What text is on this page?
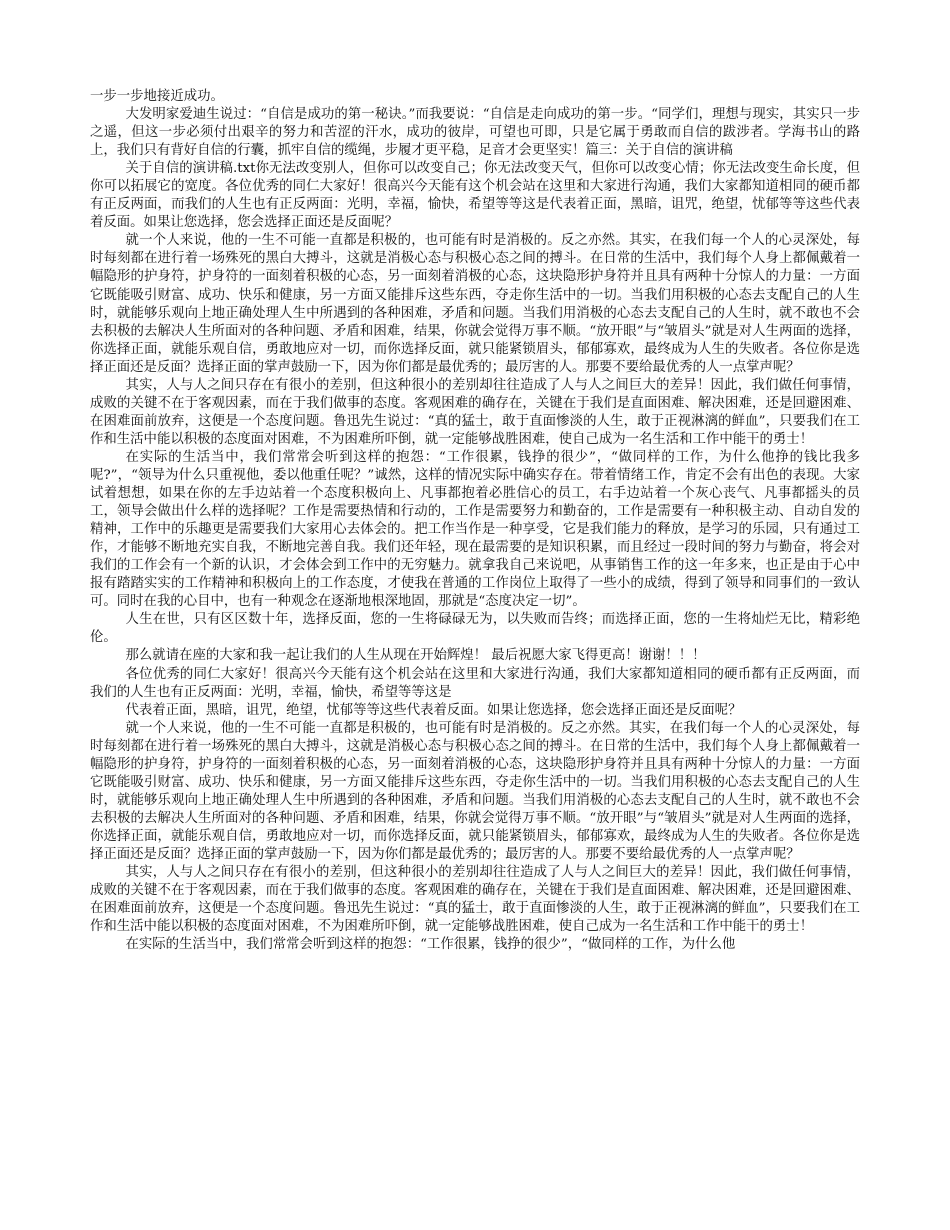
一步一步地接近成功。

大发明家爱迪生说过：“自信是成功的第一秘诀。”而我要说：“自信是走向成功的第一步。“同学们，理想与现实，其实只一步之遥，但这一步必须付出艰辛的努力和苦涩的汗水，成功的彼岸，可望也可即，只是它属于勇敢而自信的跋涉者。学海书山的路上，我们只有背好自信的行囊，抓牢自信的缆绳，步履才更平稳，足音才会更坚实！篇三：关于自信的演讲稿

关于自信的演讲稿.txt你无法改变别人，但你可以改变自己；你无法改变天气，但你可以改变心情；你无法改变生命长度，但你可以拓展它的宽度。各位优秀的同仁大家好！很高兴今天能有这个机会站在这里和大家进行沟通，我们大家都知道相同的硬币都有正反两面，而我们的人生也有正反两面：光明，幸福，愉快，希望等等这是代表着正面，黑暗，诅咒，绝望，忧郁等等这些代表着反面。如果让您选择，您会选择正面还是反面呢？

就一个人来说，他的一生不可能一直都是积极的，也可能有时是消极的。反之亦然。其实，在我们每一个人的心灵深处，每时每刻都在进行着一场殊死的黑白大搏斗，这就是消极心态与积极心态之间的搏斗。在日常的生活中，我们每个人身上都佩戴着一幅隐形的护身符，护身符的一面刻着积极的心态，另一面刻着消极的心态，这块隐形护身符并且具有两种十分惊人的力量：一方面它既能吸引财富、成功、快乐和健康，另一方面又能排斥这些东西，夺走你生活中的一切。当我们用积极的心态去支配自己的人生时，就能够乐观向上地正确处理人生中所遇到的各种困难，矛盾和问题。当我们用消极的心态去支配自己的人生时，就不敢也不会去积极的去解决人生所面对的各种问题、矛盾和困难，结果，你就会觉得万事不顺。“放开眼”与“皱眉头”就是对人生两面的选择，你选择正面，就能乐观自信，勇敢地应对一切，而你选择反面，就只能紧锁眉头，郁郁寡欢，最终成为人生的失败者。各位你是选择正面还是反面？选择正面的掌声鼓励一下，因为你们都是最优秀的；最厉害的人。那要不要给最优秀的人一点掌声呢？

其实，人与人之间只存在有很小的差别，但这种很小的差别却往往造成了人与人之间巨大的差异！因此，我们做任何事情，成败的关键不在于客观因素，而在于我们做事的态度。客观困难的确存在，关键在于我们是直面困难、解决困难，还是回避困难、在困难面前放弃，这便是一个态度问题。鲁迅先生说过：“真的猛士，敢于直面惨淡的人生，敢于正视淋漓的鲜血”，只要我们在工作和生活中能以积极的态度面对困难，不为困难所吓倒，就一定能够战胜困难，使自己成为一名生活和工作中能干的勇士！

在实际的生活当中，我们常常会听到这样的抱怨：“工作很累，钱挣的很少”，“做同样的工作，为什么他挣的钱比我多呢?”，“领导为什么只重视他，委以他重任呢？”诚然，这样的情况实际中确实存在。带着情绪工作，肯定不会有出色的表现。大家试着想想，如果在你的左手边站着一个态度积极向上、凡事都抱着必胜信心的员工，右手边站着一个灰心丧气、凡事都摇头的员工，领导会做出什么样的选择呢？工作是需要热情和行动的，工作是需要努力和勤奋的，工作是需要有一种积极主动、自动自发的精神，工作中的乐趣更是需要我们大家用心去体会的。把工作当作是一种享受，它是我们能力的释放，是学习的乐园，只有通过工作，才能够不断地充实自我，不断地完善自我。我们还年轻，现在最需要的是知识积累，而且经过一段时间的努力与勤奋，将会对我们的工作会有一个新的认识，才会体会到工作中的无穷魅力。就拿我自己来说吧，从事销售工作的这一年多来，也正是由于心中报有踏踏实实的工作精神和积极向上的工作态度，才使我在普通的工作岗位上取得了一些小的成绩，得到了领导和同事们的一致认可。同时在我的心目中，也有一种观念在逐渐地根深地固，那就是“态度决定一切”。

人生在世，只有区区数十年，选择反面，您的一生将碌碌无为，以失败而告终；而选择正面，您的一生将灿烂无比，精彩绝伦。

那么就请在座的大家和我一起让我们的人生从现在开始辉煌！ 最后祝愿大家飞得更高！谢谢！！！

各位优秀的同仁大家好！很高兴今天能有这个机会站在这里和大家进行沟通，我们大家都知道相同的硬币都有正反两面，而我们的人生也有正反两面：光明，幸福，愉快，希望等等这是

代表着正面，黑暗，诅咒，绝望，忧郁等等这些代表着反面。如果让您选择，您会选择正面还是反面呢？

就一个人来说，他的一生不可能一直都是积极的，也可能有时是消极的。反之亦然。其实，在我们每一个人的心灵深处，每时每刻都在进行着一场殊死的黑白大搏斗，这就是消极心态与积极心态之间的搏斗。在日常的生活中，我们每个人身上都佩戴着一幅隐形的护身符，护身符的一面刻着积极的心态，另一面刻着消极的心态，这块隐形护身符并且具有两种十分惊人的力量：一方面它既能吸引财富、成功、快乐和健康，另一方面又能排斥这些东西，夺走你生活中的一切。当我们用积极的心态去支配自己的人生时，就能够乐观向上地正确处理人生中所遇到的各种困难，矛盾和问题。当我们用消极的心态去支配自己的人生时，就不敢也不会去积极的去解决人生所面对的各种问题、矛盾和困难，结果，你就会觉得万事不顺。“放开眼”与“皱眉头”就是对人生两面的选择，你选择正面，就能乐观自信，勇敢地应对一切，而你选择反面，就只能紧锁眉头，郁郁寡欢，最终成为人生的失败者。各位你是选择正面还是反面？选择正面的掌声鼓励一下，因为你们都是最优秀的；最厉害的人。那要不要给最优秀的人一点掌声呢？

其实，人与人之间只存在有很小的差别，但这种很小的差别却往往造成了人与人之间巨大的差异！因此，我们做任何事情，成败的关键不在于客观因素，而在于我们做事的态度。客观困难的确存在，关键在于我们是直面困难、解决困难，还是回避困难、在困难面前放弃，这便是一个态度问题。鲁迅先生说过：“真的猛士，敢于直面惨淡的人生，敢于正视淋漓的鲜血”，只要我们在工作和生活中能以积极的态度面对困难，不为困难所吓倒，就一定能够战胜困难，使自己成为一名生活和工作中能干的勇士！

在实际的生活当中，我们常常会听到这样的抱怨：“工作很累，钱挣的很少”，“做同样的工作，为什么他
